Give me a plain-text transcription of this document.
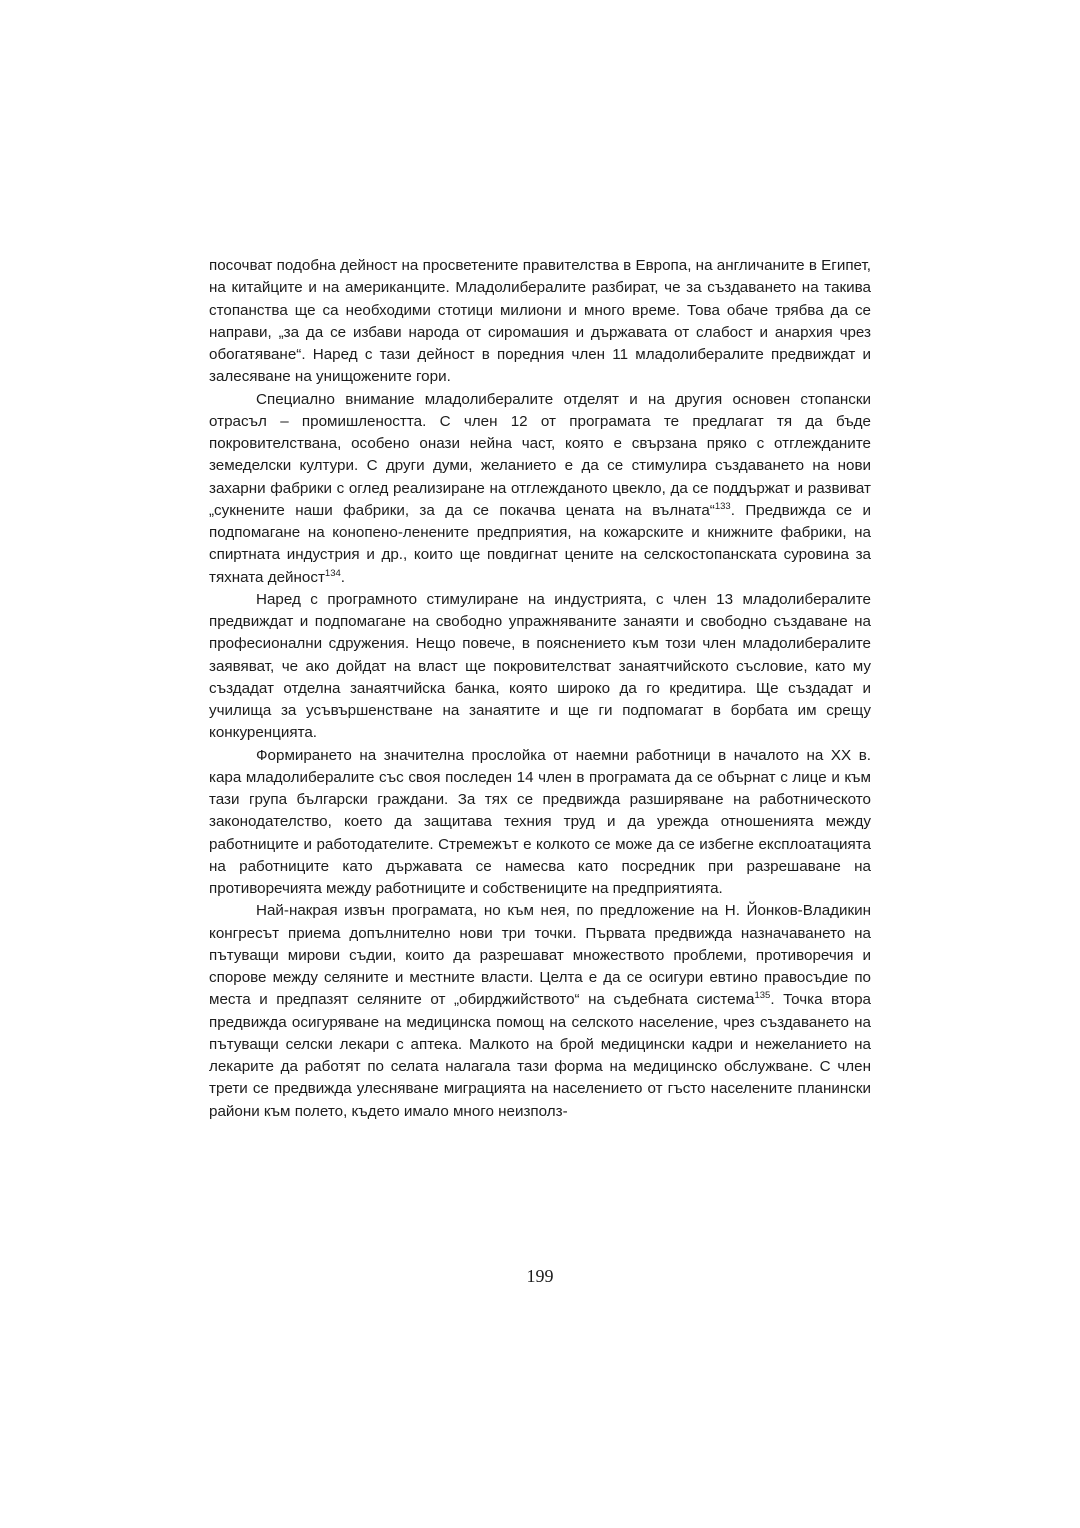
посочват подобна дейност на просветените правителства в Европа, на англичаните в Египет, на китайците и на американците. Младолибералите разбират, че за създаването на такива стопанства ще са необходими стотици милиони и много време. Това обаче трябва да се направи, „за да се избави народа от сиромашия и държавата от слабост и анархия чрез обогатяване“. Наред с тази дейност в поредния член 11 младолибералите предвиждат и залесяване на унищожените гори.

Специално внимание младолибералите отделят и на другия основен стопански отрасъл – промишлеността. С член 12 от програмата те предлагат тя да бъде покровителствана, особено онази нейна част, която е свързана пряко с отглежданите земеделски култури. С други думи, желанието е да се стимулира създаването на нови захарни фабрики с оглед реализиране на отглежданото цвекло, да се поддържат и развиват „сукнените наши фабрики, за да се покачва цената на вълната“$^{133}$. Предвижда се и подпомагане на конопено-ленените предприятия, на кожарските и книжните фабрики, на спиртната индустрия и др., които ще повдигнат цените на селскостопанската суровина за тяхната дейност$^{134}$.

Наред с програмното стимулиране на индустрията, с член 13 младолибералите предвиждат и подпомагане на свободно упражняваните занаяти и свободно създаване на професионални сдружения. Нещо повече, в пояснението към този член младолибералите заявяват, че ако дойдат на власт ще покровителстват занаятчийското съсловие, като му създадат отделна занаятчийска банка, която широко да го кредитира. Ще създадат и училища за усъвършенстване на занаятите и ще ги подпомагат в борбата им срещу конкуренцията.

Формирането на значителна прослойка от наемни работници в началото на XX в. кара младолибералите със своя последен 14 член в програмата да се обърнат с лице и към тази група български граждани. За тях се предвижда разширяване на работническото законодателство, което да защитава техния труд и да урежда отношенията между работниците и работодателите. Стремежът е колкото се може да се избегне експлоатацията на работниците като държавата се намесва като посредник при разрешаване на противоречията между работниците и собствениците на предприятията.

Най-накрая извън програмата, но към нея, по предложение на Н. Йонков-Владикин конгресът приема допълнително нови три точки. Първата предвижда назначаването на пътуващи мирови съдии, които да разрешават множеството проблеми, противоречия и спорове между селяните и местните власти. Целта е да се осигури евтино правосъдие по места и предпазят селяните от „обирджийството“ на съдебната система$^{135}$. Точка втора предвижда осигуряване на медицинска помощ на селското население, чрез създаването на пътуващи селски лекари с аптека. Малкото на брой медицински кадри и нежеланието на лекарите да работят по селата налагала тази форма на медицинско обслужване. С член трети се предвижда улесняване миграцията на населението от гъсто населените планински райони към полето, където имало много неизполз-

199
